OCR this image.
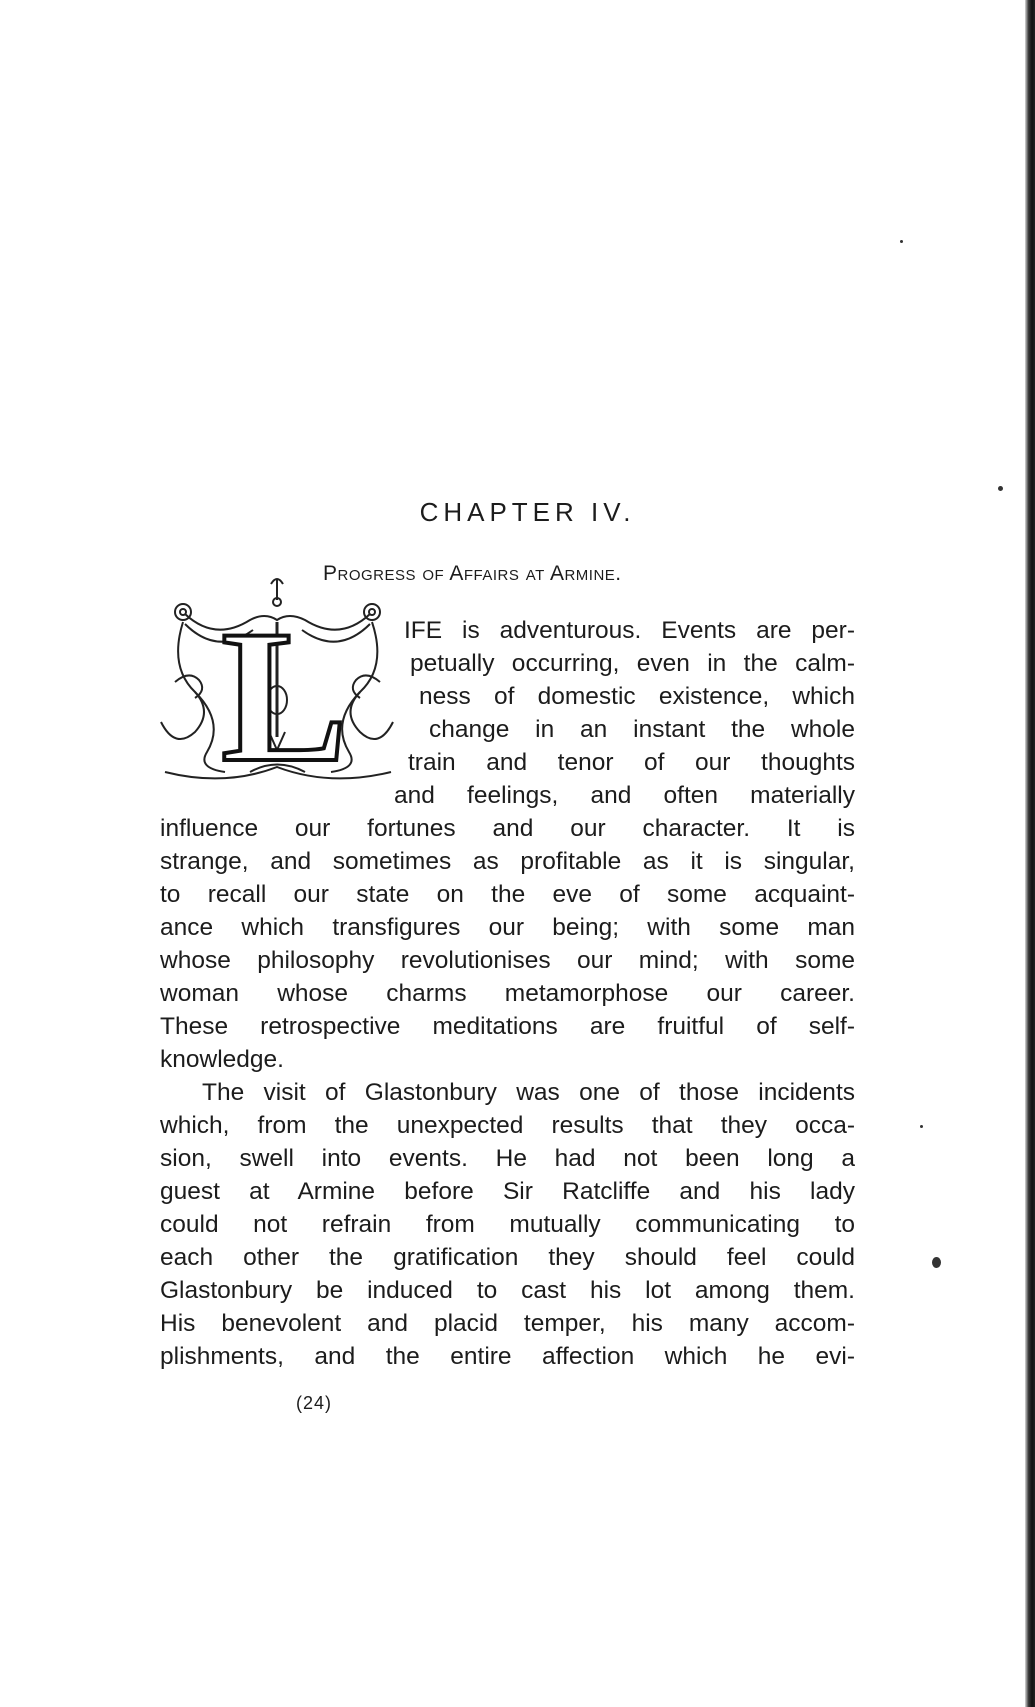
CHAPTER IV.
Progress of Affairs at Armine.
L IFE is adventurous. Events are per-
petually occurring, even in the calm-
ness of domestic existence, which
change in an instant the whole
train and tenor of our thoughts
and feelings, and often materially
influence our fortunes and our character. It is
strange, and sometimes as profitable as it is singular,
to recall our state on the eve of some acquaint-
ance which transfigures our being; with some man
whose philosophy revolutionises our mind; with some
woman whose charms metamorphose our career.
These retrospective meditations are fruitful of self-
knowledge.
The visit of Glastonbury was one of those incidents
which, from the unexpected results that they occa-
sion, swell into events. He had not been long a
guest at Armine before Sir Ratcliffe and his lady
could not refrain from mutually communicating to
each other the gratification they should feel could
Glastonbury be induced to cast his lot among them.
His benevolent and placid temper, his many accom-
plishments, and the entire affection which he evi-
(24)
